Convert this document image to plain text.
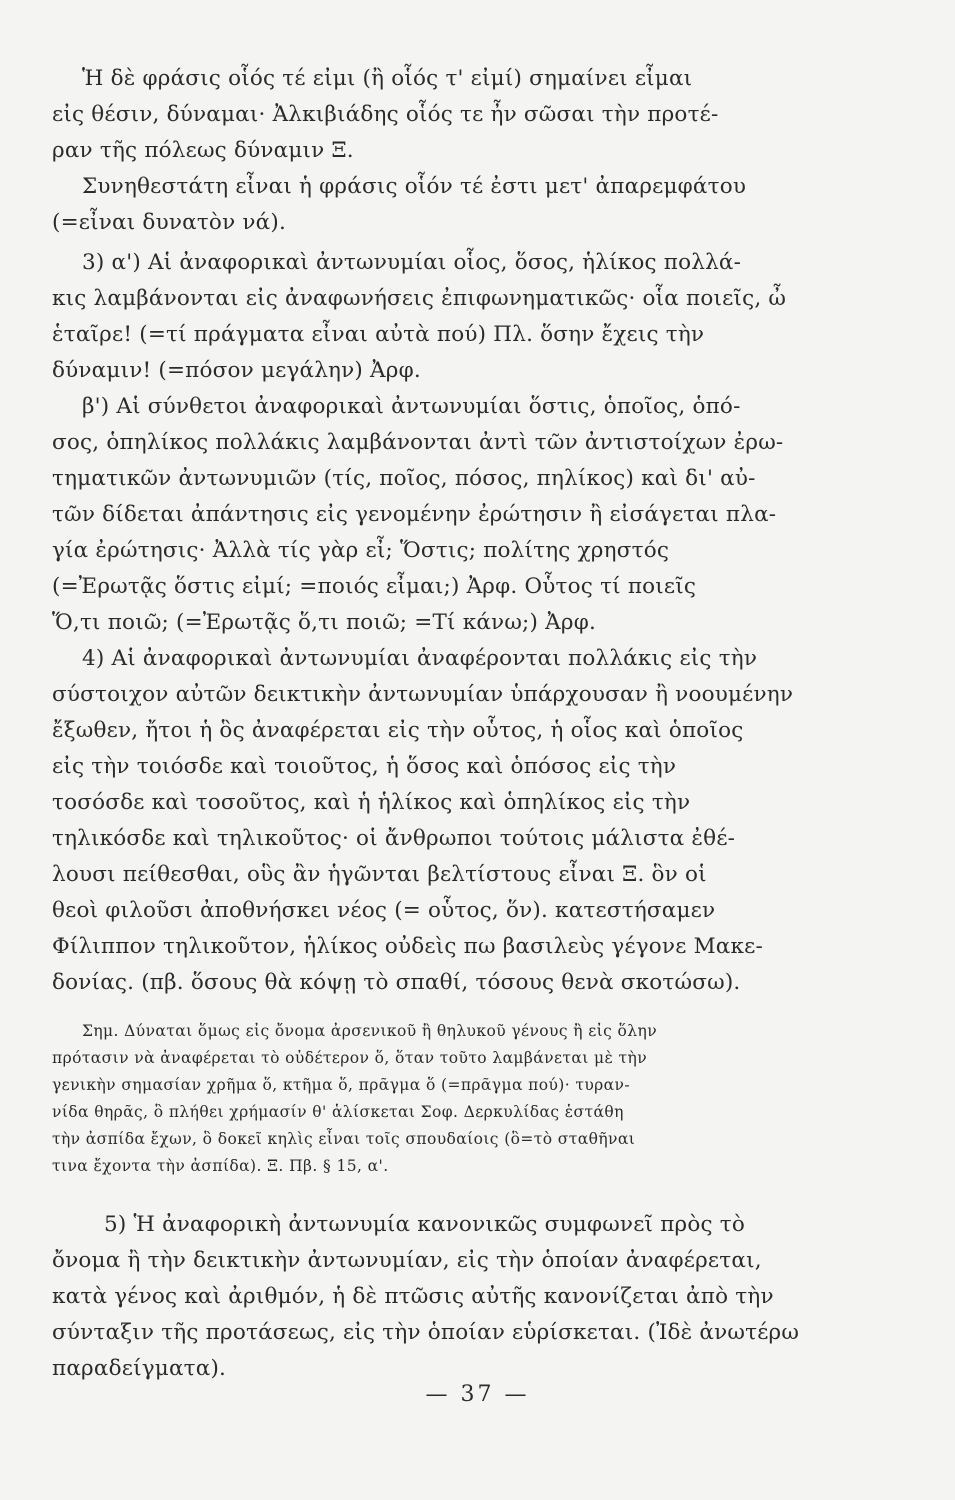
Ἡ δὲ φράσις οἷός τέ εἰμι (ἢ οἷός τ' εἰμί) σημαίνει εἶμαι
εἰς θέσιν, δύναμαι· Ἀλκιβιάδης οἷός τε ἦν σῶσαι τὴν προτέ-
ραν τῆς πόλεως δύναμιν Ξ.
Συνηθεστάτη εἶναι ἡ φράσις οἷόν τέ ἐστι μετ' ἀπαρεμφάτου
(=εἶναι δυνατὸν νά).
3) α') Αἱ ἀναφορικαὶ ἀντωνυμίαι οἷος, ὅσος, ἡλίκος πολλά-
κις λαμβάνονται εἰς ἀναφωνήσεις ἐπιφωνηματικῶς· οἷα ποιεῖς, ὦ
ἑταῖρε! (=τί πράγματα εἶναι αὐτὰ πού) Πλ. ὅσην ἔχεις τὴν
δύναμιν! (=πόσον μεγάλην) Ἀρφ.
β') Αἱ σύνθετοι ἀναφορικαὶ ἀντωνυμίαι ὅστις, ὁποῖος, ὁπό-
σος, ὁπηλίκος πολλάκις λαμβάνονται ἀντὶ τῶν ἀντιστοίχων ἐρω-
τηματικῶν ἀντωνυμιῶν (τίς, ποῖος, πόσος, πηλίκος) καὶ δι' αὐ-
τῶν δίδεται ἀπάντησις εἰς γενομένην ἐρώτησιν ἢ εἰσάγεται πλα-
γία ἐρώτησις· Ἀλλὰ τίς γὰρ εἶ; Ὅστις; πολίτης χρηστός
(=Ἐρωτᾷς ὅστις εἰμί; =ποιός εἶμαι;) Ἀρφ. Οὗτος τί ποιεῖς
Ὅ,τι ποιῶ; (=Ἐρωτᾷς ὅ,τι ποιῶ; =Τί κάνω;) Ἀρφ.
4) Αἱ ἀναφορικαὶ ἀντωνυμίαι ἀναφέρονται πολλάκις εἰς τὴν
σύστοιχον αὐτῶν δεικτικὴν ἀντωνυμίαν ὑπάρχουσαν ἢ νοουμένην
ἔξωθεν, ἤτοι ἡ ὃς ἀναφέρεται εἰς τὴν οὗτος, ἡ οἷος καὶ ὁποῖος
εἰς τὴν τοιόσδε καὶ τοιοῦτος, ἡ ὅσος καὶ ὁπόσος εἰς τὴν
τοσόσδε καὶ τοσοῦτος, καὶ ἡ ἡλίκος καὶ ὁπηλίκος εἰς τὴν
τηλικόσδε καὶ τηλικοῦτος· οἱ ἄνθρωποι τούτοις μάλιστα ἐθέ-
λουσι πείθεσθαι, οὓς ἂν ἡγῶνται βελτίστους εἶναι Ξ. ὃν οἱ
θεοὶ φιλοῦσι ἀποθνήσκει νέος (= οὗτος, ὅν). κατεστήσαμεν
Φίλιππον τηλικοῦτον, ἡλίκος οὐδεὶς πω βασιλεὺς γέγονε Μακε-
δονίας. (πβ. ὅσους θὰ κόψῃ τὸ σπαθί, τόσους θενὰ σκοτώσω).
Σημ. Δύναται ὅμως εἰς ὄνομα ἀρσενικοῦ ἢ θηλυκοῦ γένους ἢ εἰς ὅλην
πρότασιν νὰ ἀναφέρεται τὸ οὐδέτερον ὅ, ὅταν τοῦτο λαμβάνεται μὲ τὴν
γενικὴν σημασίαν χρῆμα ὅ, κτῆμα ὅ, πρᾶγμα ὅ (=πρᾶγμα πού)· τυραν-
νίδα θηρᾶς, ὃ πλήθει χρήμασίν θ' ἁλίσκεται Σοφ. Δερκυλίδας ἑστάθη
τὴν ἀσπίδα ἔχων, ὃ δοκεῖ κηλὶς εἶναι τοῖς σπουδαίοις (ὃ=τὸ σταθῆναι
τινα ἔχοντα τὴν ἀσπίδα). Ξ. Πβ. § 15, α'.
5) Ἡ ἀναφορικὴ ἀντωνυμία κανονικῶς συμφωνεῖ πρὸς τὸ
ὄνομα ἢ τὴν δεικτικὴν ἀντωνυμίαν, εἰς τὴν ὁποίαν ἀναφέρεται,
κατὰ γένος καὶ ἀριθμόν, ἡ δὲ πτῶσις αὐτῆς κανονίζεται ἀπὸ τὴν
σύνταξιν τῆς προτάσεως, εἰς τὴν ὁποίαν εὑρίσκεται. (Ἰδὲ ἀνωτέρω
παραδείγματα).
— 37 —
